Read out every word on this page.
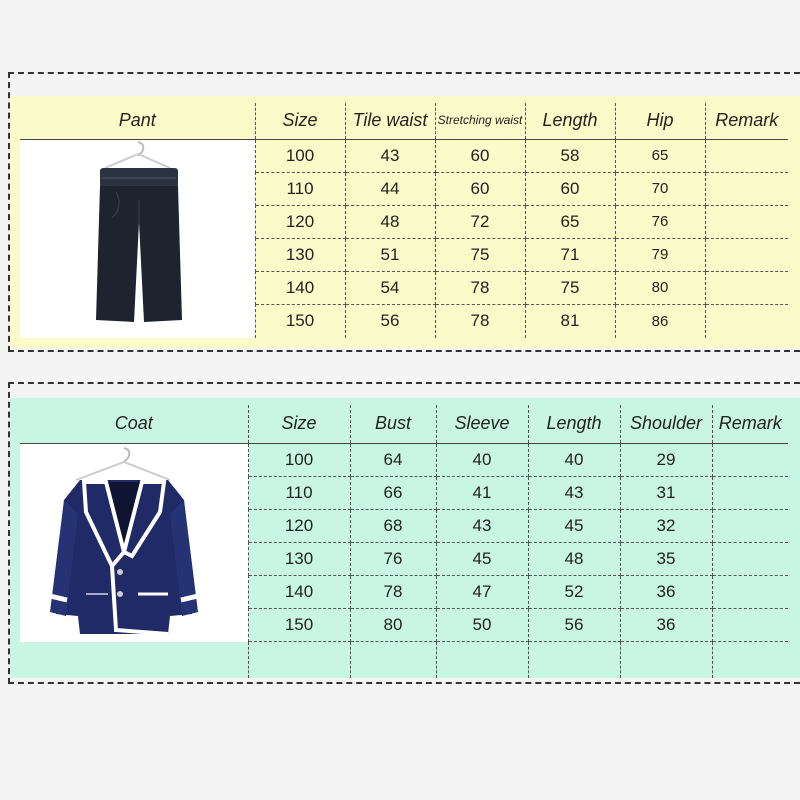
Pant	Size	Tile waist	Stretching waist	Length	Hip	Remark

	100	43	60	58	65	
	110	44	60	60	70	
	120	48	72	65	76	
	130	51	75	71	79	
	140	54	78	75	80	
	150	56	78	81	86	
Coat	Size	Bust	Sleeve	Length	Shoulder	Remark

	100	64	40	40	29	
	110	66	41	43	31	
	120	68	43	45	32	
	130	76	45	48	35	
	140	78	47	52	36	
	150	80	50	56	36	
